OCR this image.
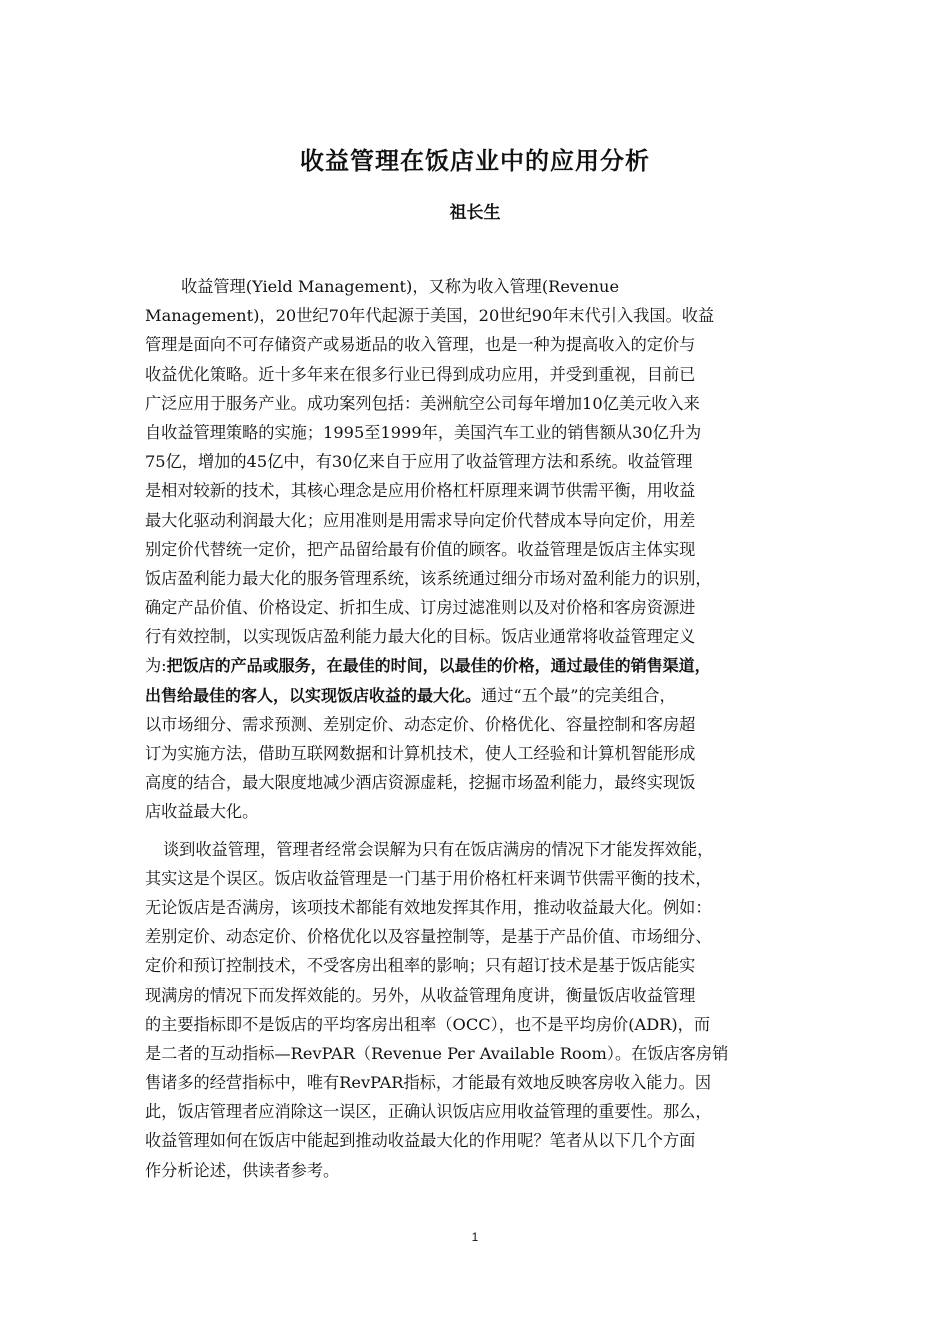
收益管理在饭店业中的应用分析
祖长生
收益管理(Yield Management)，又称为收入管理(Revenue
Management)，20世纪70年代起源于美国，20世纪90年末代引入我国。收益
管理是面向不可存储资产或易逝品的收入管理，也是一种为提高收入的定价与
收益优化策略。近十多年来在很多行业已得到成功应用，并受到重视，目前已
广泛应用于服务产业。成功案列包括：美洲航空公司每年增加10亿美元收入来
自收益管理策略的实施；1995至1999年，美国汽车工业的销售额从30亿升为
75亿，增加的45亿中，有30亿来自于应用了收益管理方法和系统。收益管理
是相对较新的技术，其核心理念是应用价格杠杆原理来调节供需平衡，用收益
最大化驱动利润最大化；应用准则是用需求导向定价代替成本导向定价，用差
别定价代替统一定价，把产品留给最有价值的顾客。收益管理是饭店主体实现
饭店盈利能力最大化的服务管理系统，该系统通过细分市场对盈利能力的识别，
确定产品价值、价格设定、折扣生成、订房过滤准则以及对价格和客房资源进
行有效控制，以实现饭店盈利能力最大化的目标。饭店业通常将收益管理定义
为:把饭店的产品或服务，在最佳的时间，以最佳的价格，通过最佳的销售渠道，
出售给最佳的客人，以实现饭店收益的最大化。通过“五个最”的完美组合，
以市场细分、需求预测、差别定价、动态定价、价格优化、容量控制和客房超
订为实施方法，借助互联网数据和计算机技术，使人工经验和计算机智能形成
高度的结合，最大限度地减少酒店资源虚耗，挖掘市场盈利能力，最终实现饭
店收益最大化。
谈到收益管理，管理者经常会误解为只有在饭店满房的情况下才能发挥效能，
其实这是个误区。饭店收益管理是一门基于用价格杠杆来调节供需平衡的技术，
无论饭店是否满房，该项技术都能有效地发挥其作用，推动收益最大化。例如：
差别定价、动态定价、价格优化以及容量控制等，是基于产品价值、市场细分、
定价和预订控制技术，不受客房出租率的影响；只有超订技术是基于饭店能实
现满房的情况下而发挥效能的。另外，从收益管理角度讲，衡量饭店收益管理
的主要指标即不是饭店的平均客房出租率（OCC），也不是平均房价(ADR)，而
是二者的互动指标—RevPAR（Revenue Per Available Room）。在饭店客房销
售诸多的经营指标中，唯有RevPAR指标，才能最有效地反映客房收入能力。因
此，饭店管理者应消除这一误区，正确认识饭店应用收益管理的重要性。那么，
收益管理如何在饭店中能起到推动收益最大化的作用呢？笔者从以下几个方面
作分析论述，供读者参考。
1
